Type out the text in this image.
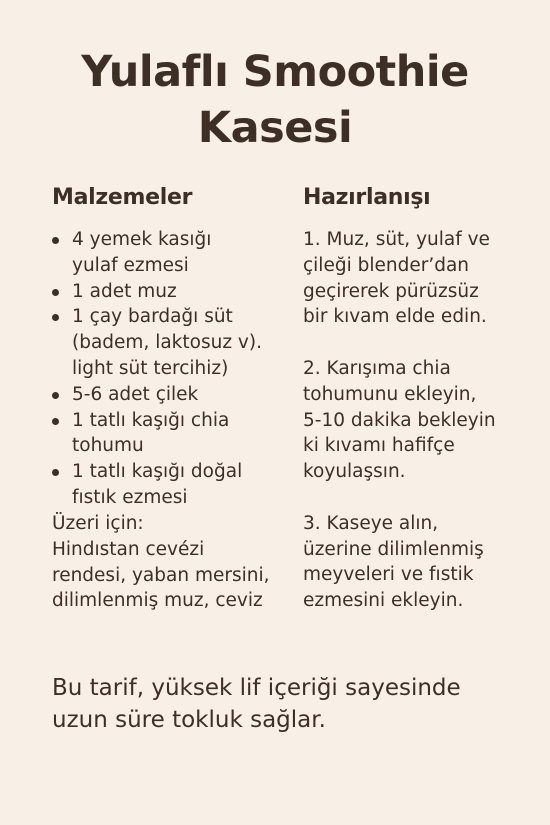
Yulaflı Smoothie
Kasesi
Malzemeler	Hazırlanışı
4 yemek kasığı
yulaf ezmesi
1 adet muz
1 çay bardağı süt
(badem, laktosuz v).
light süt tercihiz)
5-6 adet çilek
1 tatlı kaşığı chia
tohumu
1 tatlı kaşığı doğal
fıstık ezmesi
Üzeri için:
Hindıstan cevézi
rendesi, yaban mersini,
dilimlenmiş muz, ceviz
1. Muz, süt, yulaf ve
çileği blender’dan
geçirerek pürüzsüz
bir kıvam elde edin.
2. Karışıma chia
tohumunu ekleyin,
5-10 dakika bekleyin
ki kıvamı hafifçe
koyulaşsın.
3. Kaseye alın,
üzerine dilimlenmiş
meyveleri ve fıstik
ezmesini ekleyin.
Bu tarif, yüksek lif içeriği sayesinde
uzun süre tokluk sağlar.
